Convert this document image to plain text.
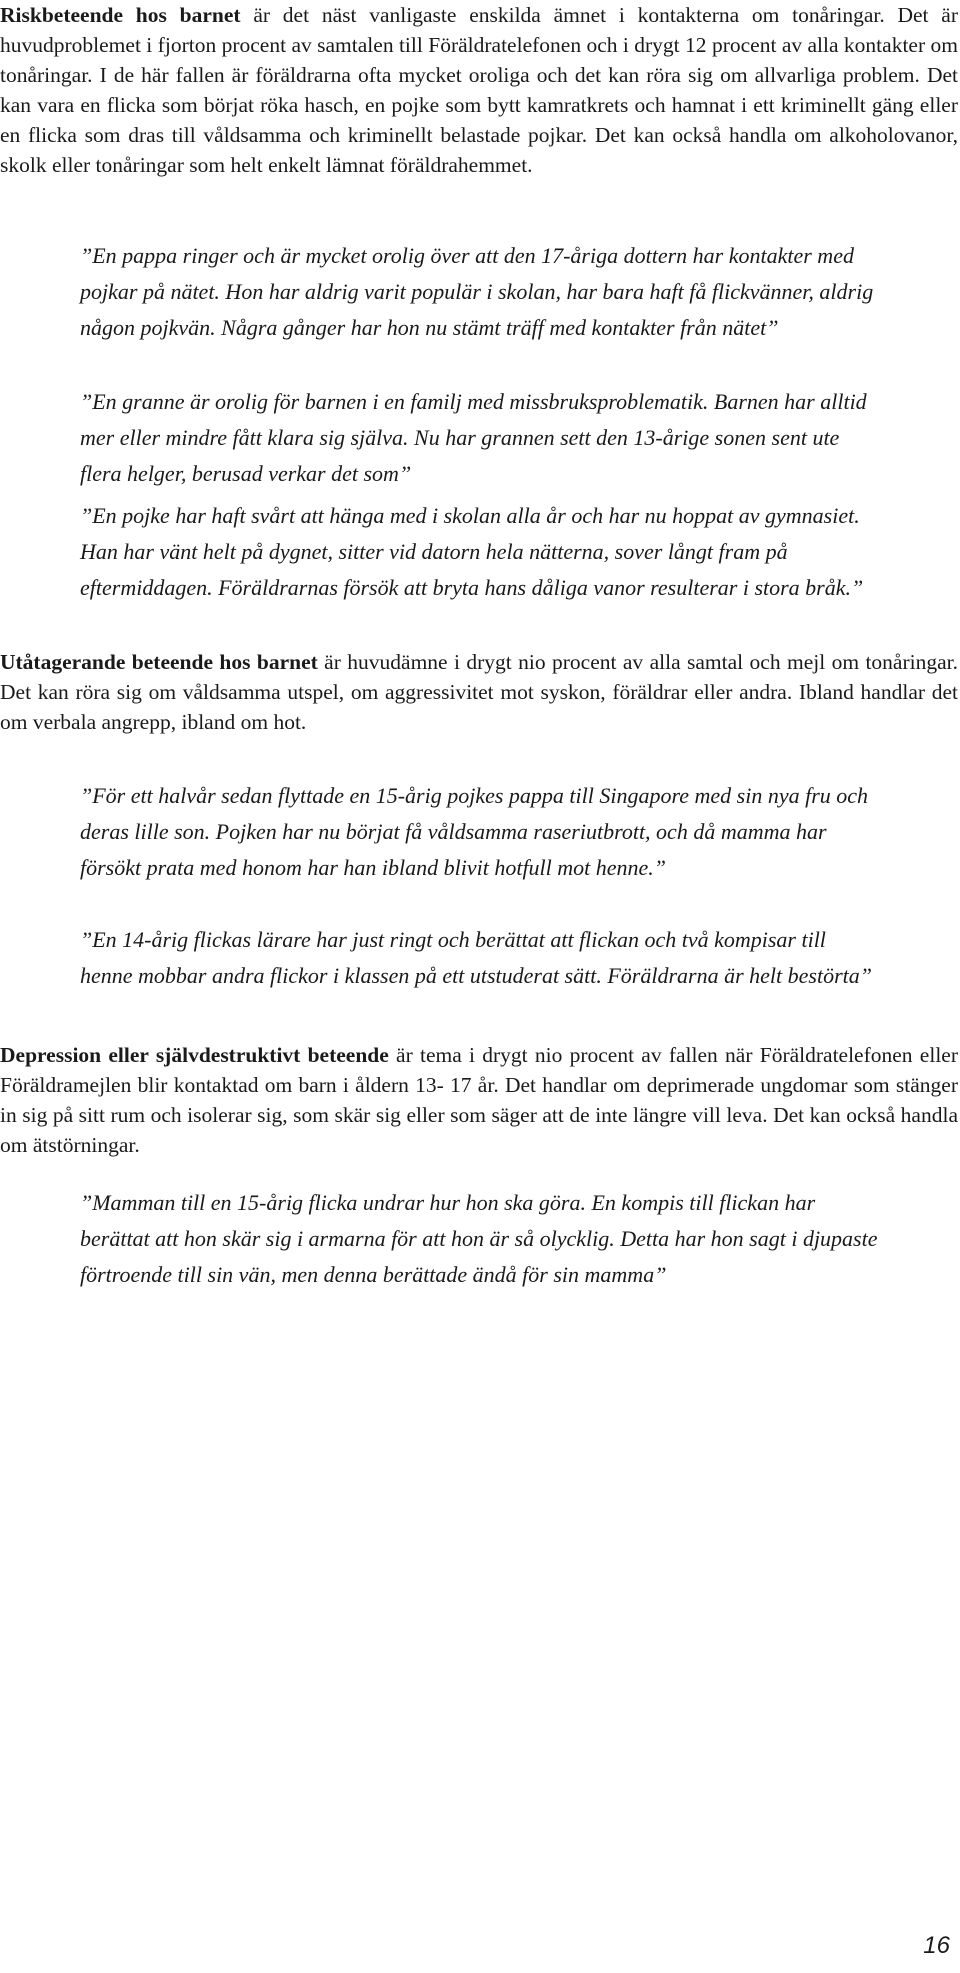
Riskbeteende hos barnet är det näst vanligaste enskilda ämnet i kontakterna om tonåringar. Det är huvudproblemet i fjorton procent av samtalen till Föräldratelefonen och i drygt 12 procent av alla kontakter om tonåringar. I de här fallen är föräldrarna ofta mycket oroliga och det kan röra sig om allvarliga problem. Det kan vara en flicka som börjat röka hasch, en pojke som bytt kamratkrets och hamnat i ett kriminellt gäng eller en flicka som dras till våldsamma och kriminellt belastade pojkar. Det kan också handla om alkoholovanor, skolk eller tonåringar som helt enkelt lämnat föräldrahemmet.

”En pappa ringer och är mycket orolig över att den 17-åriga dottern har kontakter med pojkar på nätet. Hon har aldrig varit populär i skolan, har bara haft få flickvänner, aldrig någon pojkvän. Några gånger har hon nu stämt träff med kontakter från nätet”

”En granne är orolig för barnen i en familj med missbruksproblematik. Barnen har alltid mer eller mindre fått klara sig själva. Nu har grannen sett den 13-årige sonen sent ute flera helger, berusad verkar det som”

”En pojke har haft svårt att hänga med i skolan alla år och har nu hoppat av gymnasiet. Han har vänt helt på dygnet, sitter vid datorn hela nätterna, sover långt fram på eftermiddagen. Föräldrarnas försök att bryta hans dåliga vanor resulterar i stora bråk.”

Utåtagerande beteende hos barnet är huvudämne i drygt nio procent av alla samtal och mejl om tonåringar. Det kan röra sig om våldsamma utspel, om aggressivitet mot syskon, föräldrar eller andra. Ibland handlar det om verbala angrepp, ibland om hot.

”För ett halvår sedan flyttade en 15-årig pojkes pappa till Singapore med sin nya fru och deras lille son. Pojken har nu börjat få våldsamma raseriutbrott, och då mamma har försökt prata med honom har han ibland blivit hotfull mot henne.”

”En 14-årig flickas lärare har just ringt och berättat att flickan och två kompisar till henne mobbar andra flickor i klassen på ett utstuderat sätt. Föräldrarna är helt bestörta”

Depression eller självdestruktivt beteende är tema i drygt nio procent av fallen när Föräldratelefonen eller Föräldramejlen blir kontaktad om barn i åldern 13- 17 år. Det handlar om deprimerade ungdomar som stänger in sig på sitt rum och isolerar sig, som skär sig eller som säger att de inte längre vill leva. Det kan också handla om ätstörningar.

”Mamman till en 15-årig flicka undrar hur hon ska göra. En kompis till flickan har berättat att hon skär sig i armarna för att hon är så olycklig. Detta har hon sagt i djupaste förtroende till sin vän, men denna berättade ändå för sin mamma”

16
